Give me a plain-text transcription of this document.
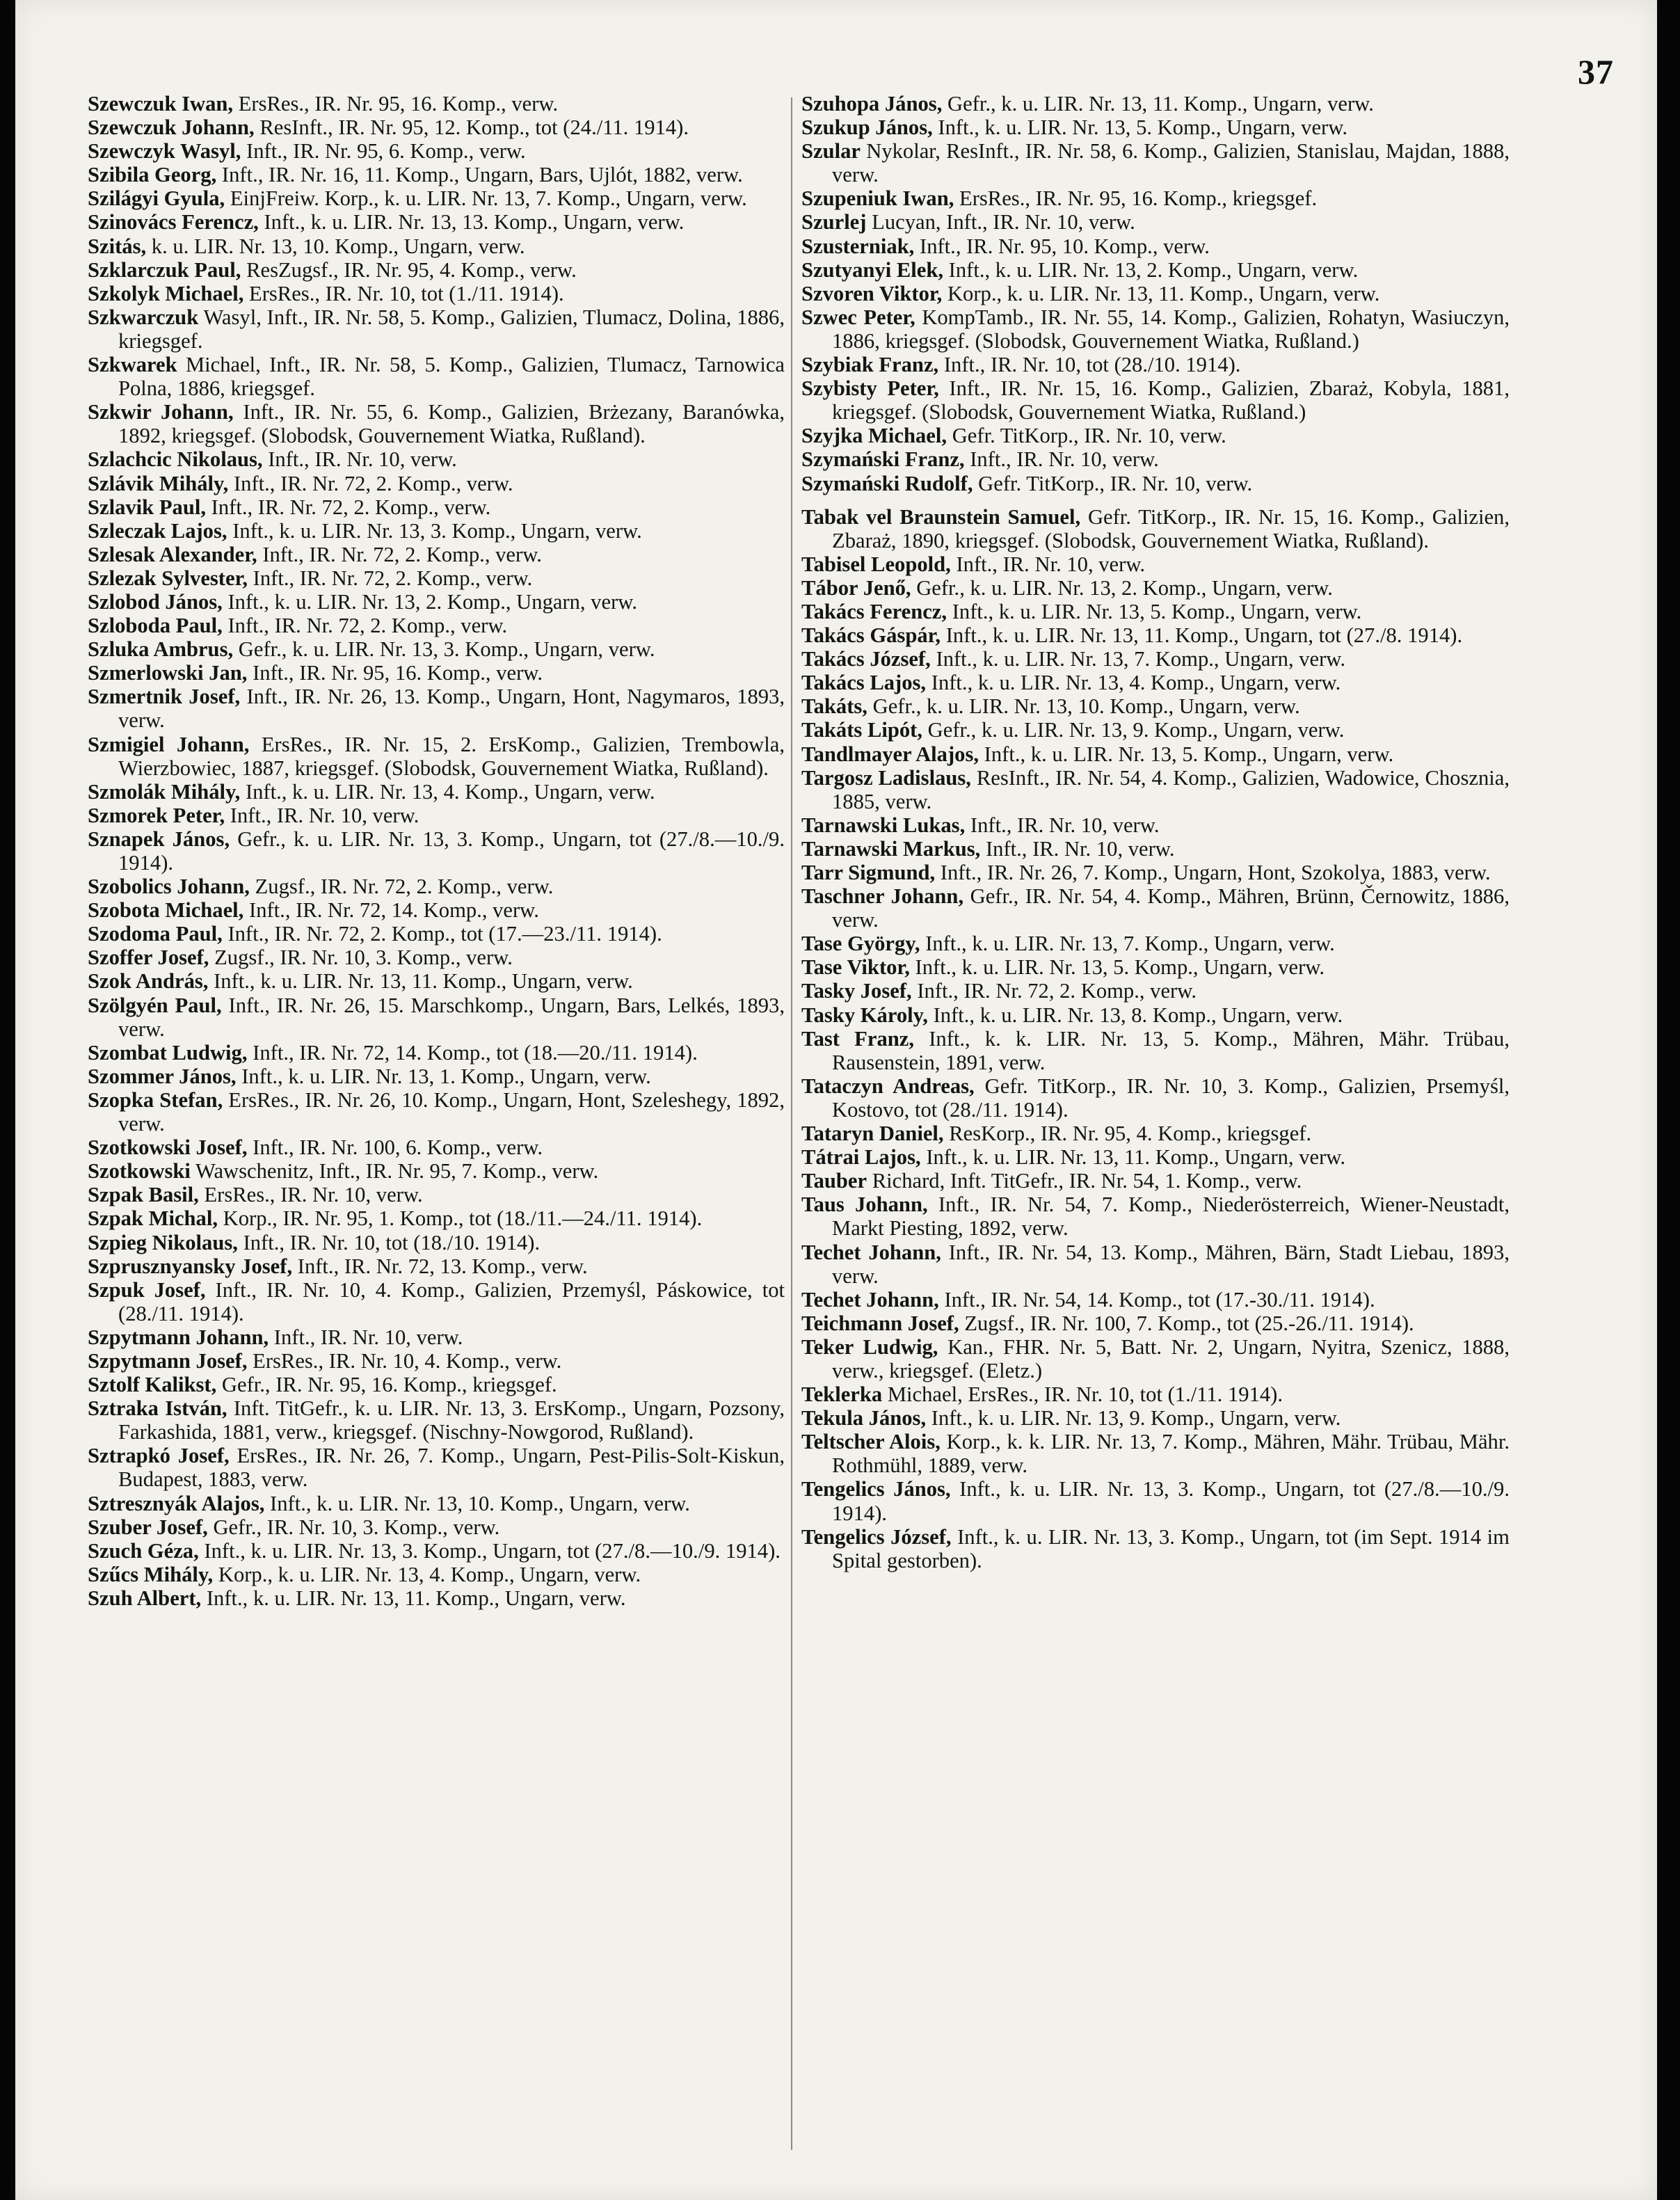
37

Szewczuk Iwan, ErsRes., IR. Nr. 95, 16. Komp., verw.

Szewczuk Johann, ResInft., IR. Nr. 95, 12. Komp., tot (24./11. 1914).

Szewczyk Wasyl, Inft., IR. Nr. 95, 6. Komp., verw.

Szibila Georg, Inft., IR. Nr. 16, 11. Komp., Ungarn, Bars, Ujlót, 1882, verw.

Szilágyi Gyula, EinjFreiw. Korp., k. u. LIR. Nr. 13, 7. Komp., Ungarn, verw.

Szinovács Ferencz, Inft., k. u. LIR. Nr. 13, 13. Komp., Ungarn, verw.

Szitás, k. u. LIR. Nr. 13, 10. Komp., Ungarn, verw.

Szklarczuk Paul, ResZugsf., IR. Nr. 95, 4. Komp., verw.

Szkolyk Michael, ErsRes., IR. Nr. 10, tot (1./11. 1914).

Szkwarczuk Wasyl, Inft., IR. Nr. 58, 5. Komp., Galizien, Tlumacz, Dolina, 1886, kriegsgef.

Szkwarek Michael, Inft., IR. Nr. 58, 5. Komp., Galizien, Tlumacz, Tarnowica Polna, 1886, kriegsgef.

Szkwir Johann, Inft., IR. Nr. 55, 6. Komp., Galizien, Brżezany, Baranówka, 1892, kriegsgef. (Slobodsk, Gouvernement Wiatka, Rußland).

Szlachcic Nikolaus, Inft., IR. Nr. 10, verw.

Szlávik Mihály, Inft., IR. Nr. 72, 2. Komp., verw.

Szlavik Paul, Inft., IR. Nr. 72, 2. Komp., verw.

Szleczak Lajos, Inft., k. u. LIR. Nr. 13, 3. Komp., Ungarn, verw.

Szlesak Alexander, Inft., IR. Nr. 72, 2. Komp., verw.

Szlezak Sylvester, Inft., IR. Nr. 72, 2. Komp., verw.

Szlobod János, Inft., k. u. LIR. Nr. 13, 2. Komp., Ungarn, verw.

Szloboda Paul, Inft., IR. Nr. 72, 2. Komp., verw.

Szluka Ambrus, Gefr., k. u. LIR. Nr. 13, 3. Komp., Ungarn, verw.

Szmerlowski Jan, Inft., IR. Nr. 95, 16. Komp., verw.

Szmertnik Josef, Inft., IR. Nr. 26, 13. Komp., Ungarn, Hont, Nagymaros, 1893, verw.

Szmigiel Johann, ErsRes., IR. Nr. 15, 2. ErsKomp., Galizien, Trembowla, Wierzbowiec, 1887, kriegsgef. (Slobodsk, Gouvernement Wiatka, Rußland).

Szmolák Mihály, Inft., k. u. LIR. Nr. 13, 4. Komp., Ungarn, verw.

Szmorek Peter, Inft., IR. Nr. 10, verw.

Sznapek János, Gefr., k. u. LIR. Nr. 13, 3. Komp., Ungarn, tot (27./8.—10./9. 1914).

Szobolics Johann, Zugsf., IR. Nr. 72, 2. Komp., verw.

Szobota Michael, Inft., IR. Nr. 72, 14. Komp., verw.

Szodoma Paul, Inft., IR. Nr. 72, 2. Komp., tot (17.—23./11. 1914).

Szoffer Josef, Zugsf., IR. Nr. 10, 3. Komp., verw.

Szok András, Inft., k. u. LIR. Nr. 13, 11. Komp., Ungarn, verw.

Szölgyén Paul, Inft., IR. Nr. 26, 15. Marschkomp., Ungarn, Bars, Lelkés, 1893, verw.

Szombat Ludwig, Inft., IR. Nr. 72, 14. Komp., tot (18.—20./11. 1914).

Szommer János, Inft., k. u. LIR. Nr. 13, 1. Komp., Ungarn, verw.

Szopka Stefan, ErsRes., IR. Nr. 26, 10. Komp., Ungarn, Hont, Szeleshegy, 1892, verw.

Szotkowski Josef, Inft., IR. Nr. 100, 6. Komp., verw.

Szotkowski Wawschenitz, Inft., IR. Nr. 95, 7. Komp., verw.

Szpak Basil, ErsRes., IR. Nr. 10, verw.

Szpak Michal, Korp., IR. Nr. 95, 1. Komp., tot (18./11.—24./11. 1914).

Szpieg Nikolaus, Inft., IR. Nr. 10, tot (18./10. 1914).

Szprusznyansky Josef, Inft., IR. Nr. 72, 13. Komp., verw.

Szpuk Josef, Inft., IR. Nr. 10, 4. Komp., Galizien, Przemyśl, Páskowice, tot (28./11. 1914).

Szpytmann Johann, Inft., IR. Nr. 10, verw.

Szpytmann Josef, ErsRes., IR. Nr. 10, 4. Komp., verw.

Sztolf Kalikst, Gefr., IR. Nr. 95, 16. Komp., kriegsgef.

Sztraka István, Inft. TitGefr., k. u. LIR. Nr. 13, 3. ErsKomp., Ungarn, Pozsony, Farkashida, 1881, verw., kriegsgef. (Nischny-Nowgorod, Rußland).

Sztrapkó Josef, ErsRes., IR. Nr. 26, 7. Komp., Ungarn, Pest-Pilis-Solt-Kiskun, Budapest, 1883, verw.

Sztresznyák Alajos, Inft., k. u. LIR. Nr. 13, 10. Komp., Ungarn, verw.

Szuber Josef, Gefr., IR. Nr. 10, 3. Komp., verw.

Szuch Géza, Inft., k. u. LIR. Nr. 13, 3. Komp., Ungarn, tot (27./8.—10./9. 1914).

Szűcs Mihály, Korp., k. u. LIR. Nr. 13, 4. Komp., Ungarn, verw.

Szuh Albert, Inft., k. u. LIR. Nr. 13, 11. Komp., Ungarn, verw.

Szuhopa János, Gefr., k. u. LIR. Nr. 13, 11. Komp., Ungarn, verw.

Szukup János, Inft., k. u. LIR. Nr. 13, 5. Komp., Ungarn, verw.

Szular Nykolar, ResInft., IR. Nr. 58, 6. Komp., Galizien, Stanislau, Majdan, 1888, verw.

Szupeniuk Iwan, ErsRes., IR. Nr. 95, 16. Komp., kriegsgef.

Szurlej Lucyan, Inft., IR. Nr. 10, verw.

Szusterniak, Inft., IR. Nr. 95, 10. Komp., verw.

Szutyanyi Elek, Inft., k. u. LIR. Nr. 13, 2. Komp., Ungarn, verw.

Szvoren Viktor, Korp., k. u. LIR. Nr. 13, 11. Komp., Ungarn, verw.

Szwec Peter, KompTamb., IR. Nr. 55, 14. Komp., Galizien, Rohatyn, Wasiuczyn, 1886, kriegsgef. (Slobodsk, Gouvernement Wiatka, Rußland.)

Szybiak Franz, Inft., IR. Nr. 10, tot (28./10. 1914).

Szybisty Peter, Inft., IR. Nr. 15, 16. Komp., Galizien, Zbaraż, Kobyla, 1881, kriegsgef. (Slobodsk, Gouvernement Wiatka, Rußland.)

Szyjka Michael, Gefr. TitKorp., IR. Nr. 10, verw.

Szymański Franz, Inft., IR. Nr. 10, verw.

Szymański Rudolf, Gefr. TitKorp., IR. Nr. 10, verw.

Tabak vel Braunstein Samuel, Gefr. TitKorp., IR. Nr. 15, 16. Komp., Galizien, Zbaraż, 1890, kriegsgef. (Slobodsk, Gouvernement Wiatka, Rußland).

Tabisel Leopold, Inft., IR. Nr. 10, verw.

Tábor Jenő, Gefr., k. u. LIR. Nr. 13, 2. Komp., Ungarn, verw.

Takács Ferencz, Inft., k. u. LIR. Nr. 13, 5. Komp., Ungarn, verw.

Takács Gáspár, Inft., k. u. LIR. Nr. 13, 11. Komp., Ungarn, tot (27./8. 1914).

Takács József, Inft., k. u. LIR. Nr. 13, 7. Komp., Ungarn, verw.

Takács Lajos, Inft., k. u. LIR. Nr. 13, 4. Komp., Ungarn, verw.

Takáts, Gefr., k. u. LIR. Nr. 13, 10. Komp., Ungarn, verw.

Takáts Lipót, Gefr., k. u. LIR. Nr. 13, 9. Komp., Ungarn, verw.

Tandlmayer Alajos, Inft., k. u. LIR. Nr. 13, 5. Komp., Ungarn, verw.

Targosz Ladislaus, ResInft., IR. Nr. 54, 4. Komp., Galizien, Wadowice, Chosznia, 1885, verw.

Tarnawski Lukas, Inft., IR. Nr. 10, verw.

Tarnawski Markus, Inft., IR. Nr. 10, verw.

Tarr Sigmund, Inft., IR. Nr. 26, 7. Komp., Ungarn, Hont, Szokolya, 1883, verw.

Taschner Johann, Gefr., IR. Nr. 54, 4. Komp., Mähren, Brünn, Černowitz, 1886, verw.

Tase György, Inft., k. u. LIR. Nr. 13, 7. Komp., Ungarn, verw.

Tase Viktor, Inft., k. u. LIR. Nr. 13, 5. Komp., Ungarn, verw.

Tasky Josef, Inft., IR. Nr. 72, 2. Komp., verw.

Tasky Károly, Inft., k. u. LIR. Nr. 13, 8. Komp., Ungarn, verw.

Tast Franz, Inft., k. k. LIR. Nr. 13, 5. Komp., Mähren, Mähr. Trübau, Rausenstein, 1891, verw.

Tataczyn Andreas, Gefr. TitKorp., IR. Nr. 10, 3. Komp., Galizien, Prsemyśl, Kostovo, tot (28./11. 1914).

Tataryn Daniel, ResKorp., IR. Nr. 95, 4. Komp., kriegsgef.

Tátrai Lajos, Inft., k. u. LIR. Nr. 13, 11. Komp., Ungarn, verw.

Tauber Richard, Inft. TitGefr., IR. Nr. 54, 1. Komp., verw.

Taus Johann, Inft., IR. Nr. 54, 7. Komp., Niederösterreich, Wiener-Neustadt, Markt Piesting, 1892, verw.

Techet Johann, Inft., IR. Nr. 54, 13. Komp., Mähren, Bärn, Stadt Liebau, 1893, verw.

Techet Johann, Inft., IR. Nr. 54, 14. Komp., tot (17.-30./11. 1914).

Teichmann Josef, Zugsf., IR. Nr. 100, 7. Komp., tot (25.-26./11. 1914).

Teker Ludwig, Kan., FHR. Nr. 5, Batt. Nr. 2, Ungarn, Nyitra, Szenicz, 1888, verw., kriegsgef. (Eletz.)

Teklerka Michael, ErsRes., IR. Nr. 10, tot (1./11. 1914).

Tekula János, Inft., k. u. LIR. Nr. 13, 9. Komp., Ungarn, verw.

Teltscher Alois, Korp., k. k. LIR. Nr. 13, 7. Komp., Mähren, Mähr. Trübau, Mähr. Rothmühl, 1889, verw.

Tengelics János, Inft., k. u. LIR. Nr. 13, 3. Komp., Ungarn, tot (27./8.—10./9. 1914).

Tengelics József, Inft., k. u. LIR. Nr. 13, 3. Komp., Ungarn, tot (im Sept. 1914 im Spital gestorben).
